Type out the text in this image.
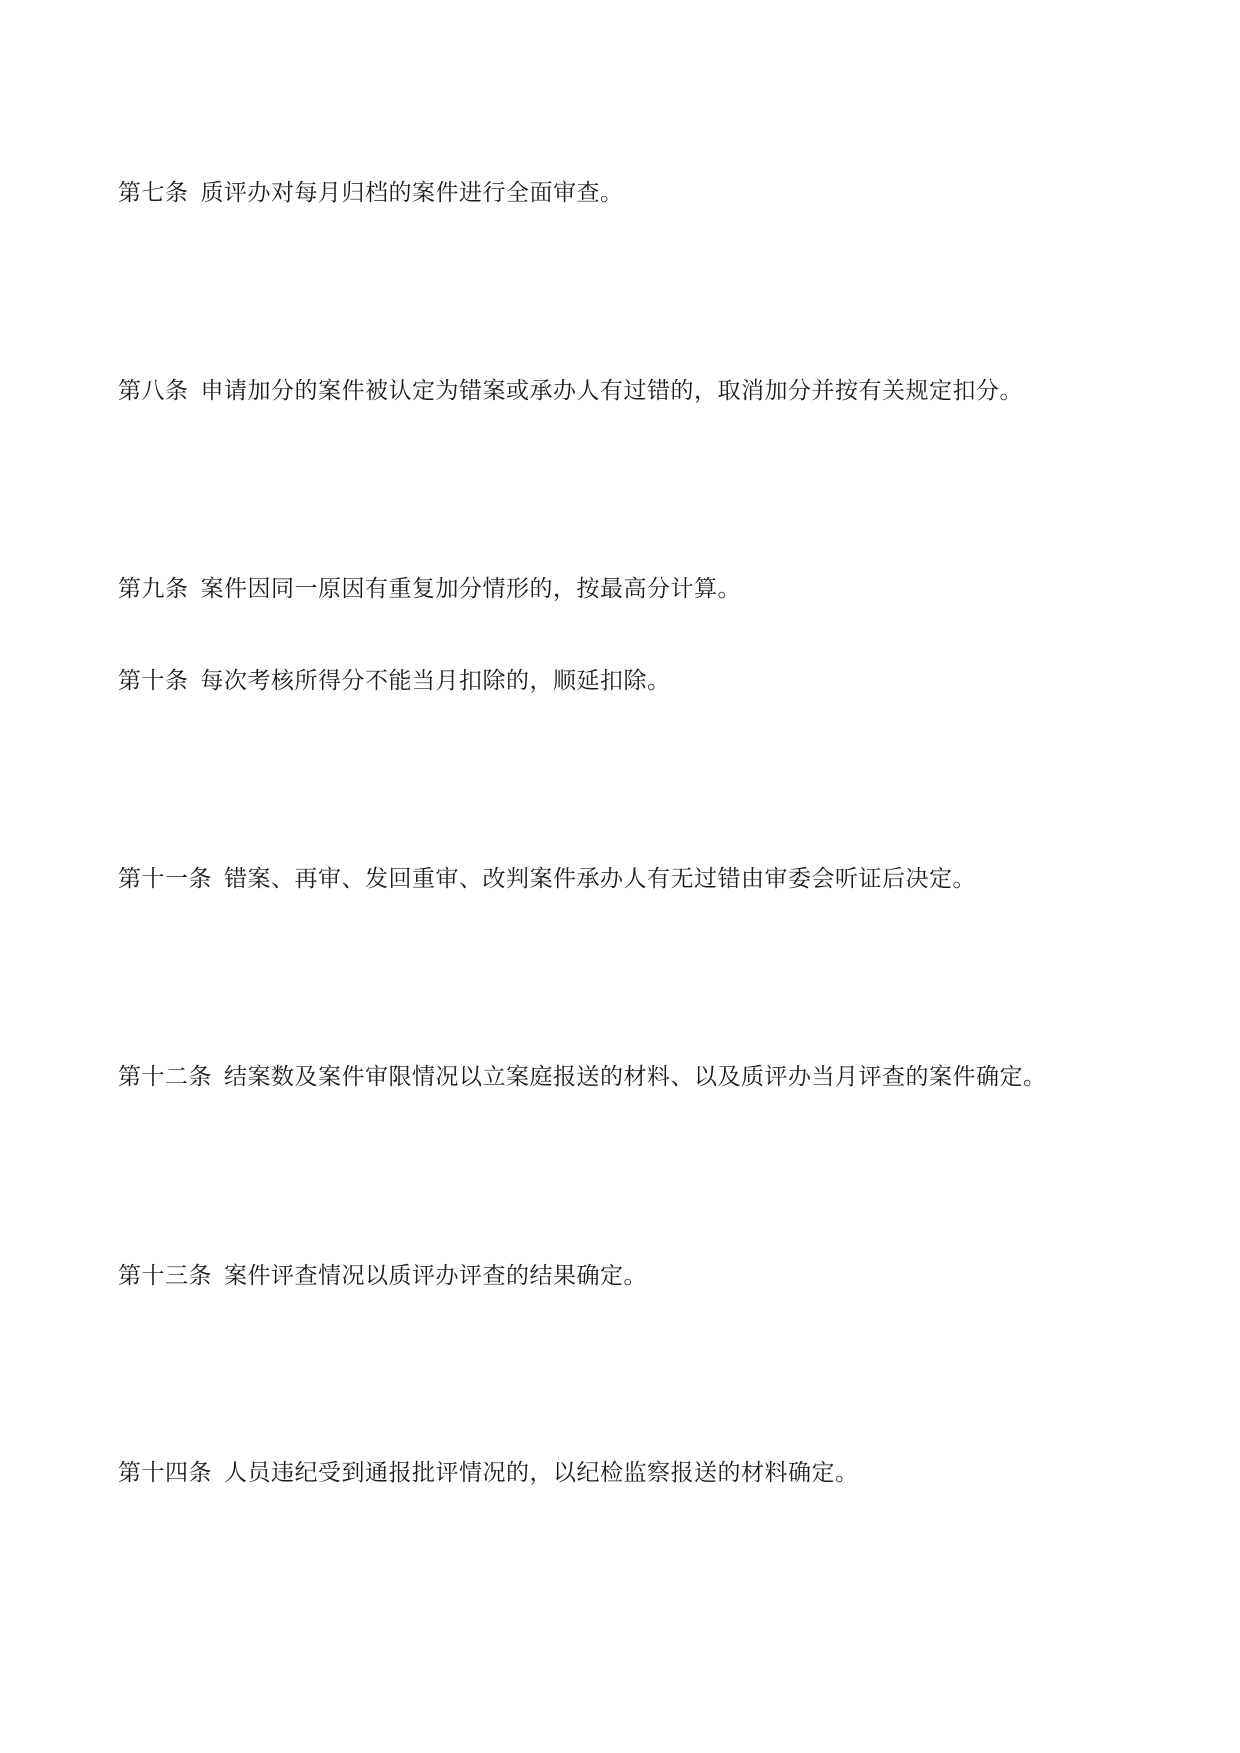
第七条 质评办对每月归档的案件进行全面审查。

第八条 申请加分的案件被认定为错案或承办人有过错的，取消加分并按有关规定扣分。

第九条 案件因同一原因有重复加分情形的，按最高分计算。

第十条 每次考核所得分不能当月扣除的，顺延扣除。

第十一条 错案、再审、发回重审、改判案件承办人有无过错由审委会听证后决定。

第十二条 结案数及案件审限情况以立案庭报送的材料、以及质评办当月评查的案件确定。

第十三条 案件评查情况以质评办评查的结果确定。

第十四条 人员违纪受到通报批评情况的，以纪检监察报送的材料确定。
